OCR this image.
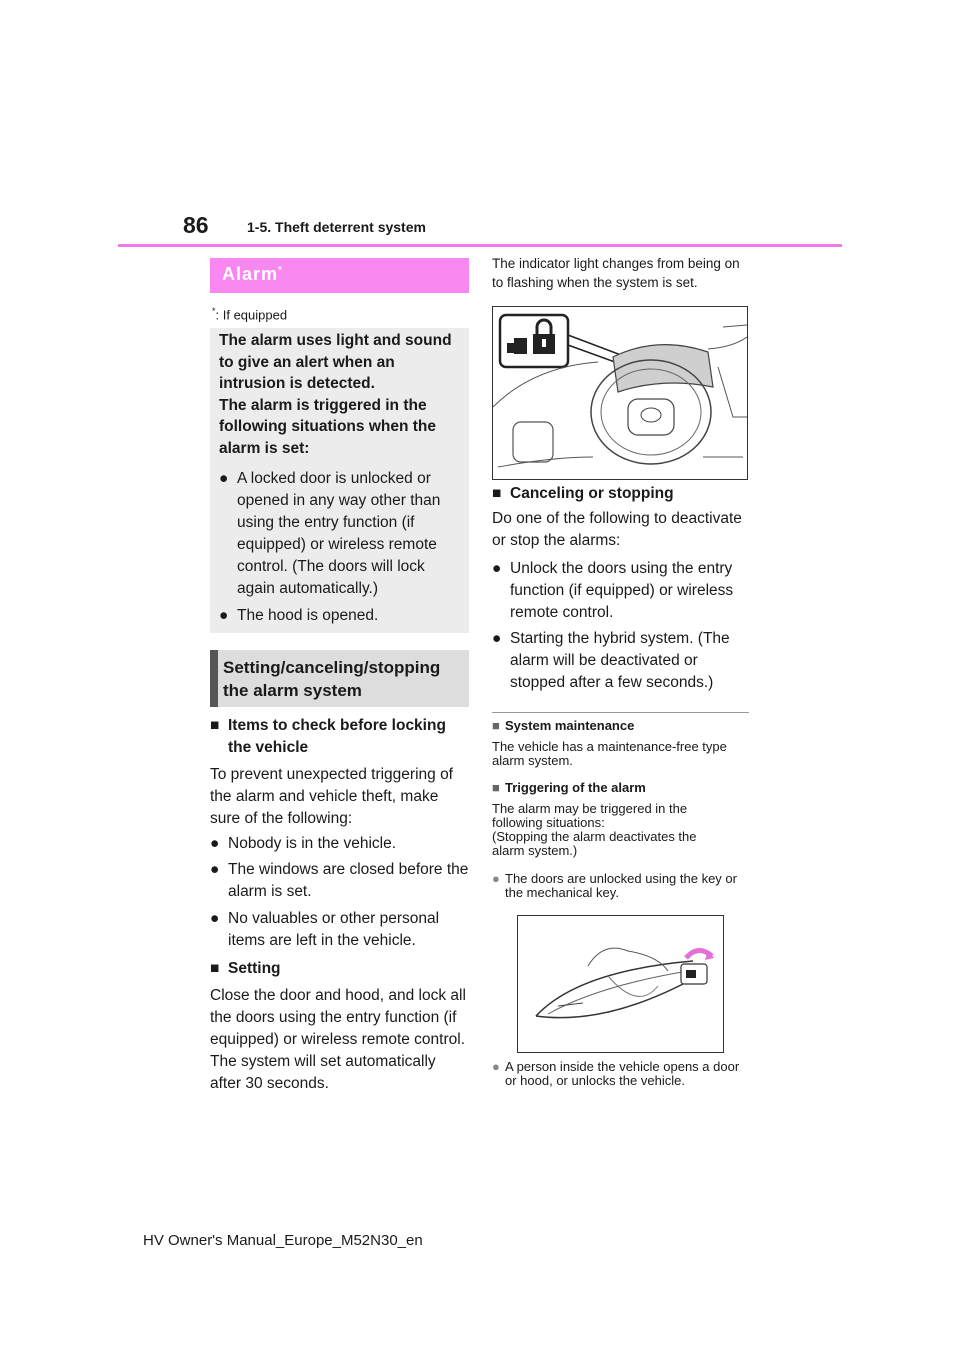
86	1-5. Theft deterrent system
Alarm*
*: If equipped
The alarm uses light and sound to give an alert when an intrusion is detected.
The alarm is triggered in the following situations when the alarm is set:
● A locked door is unlocked or opened in any way other than using the entry function (if equipped) or wireless remote control. (The doors will lock again automatically.)
● The hood is opened.
Setting/canceling/stopping the alarm system
■ Items to check before locking the vehicle
To prevent unexpected triggering of the alarm and vehicle theft, make sure of the following:
● Nobody is in the vehicle.
● The windows are closed before the alarm is set.
● No valuables or other personal items are left in the vehicle.
■ Setting
Close the door and hood, and lock all the doors using the entry function (if equipped) or wireless remote control. The system will set automatically after 30 seconds.
The indicator light changes from being on to flashing when the system is set.
■ Canceling or stopping
Do one of the following to deactivate or stop the alarms:
● Unlock the doors using the entry function (if equipped) or wireless remote control.
● Starting the hybrid system. (The alarm will be deactivated or stopped after a few seconds.)
■ System maintenance
The vehicle has a maintenance-free type alarm system.
■ Triggering of the alarm
The alarm may be triggered in the following situations:
(Stopping the alarm deactivates the alarm system.)
● The doors are unlocked using the key or the mechanical key.
● A person inside the vehicle opens a door or hood, or unlocks the vehicle.
HV Owner's Manual_Europe_M52N30_en
